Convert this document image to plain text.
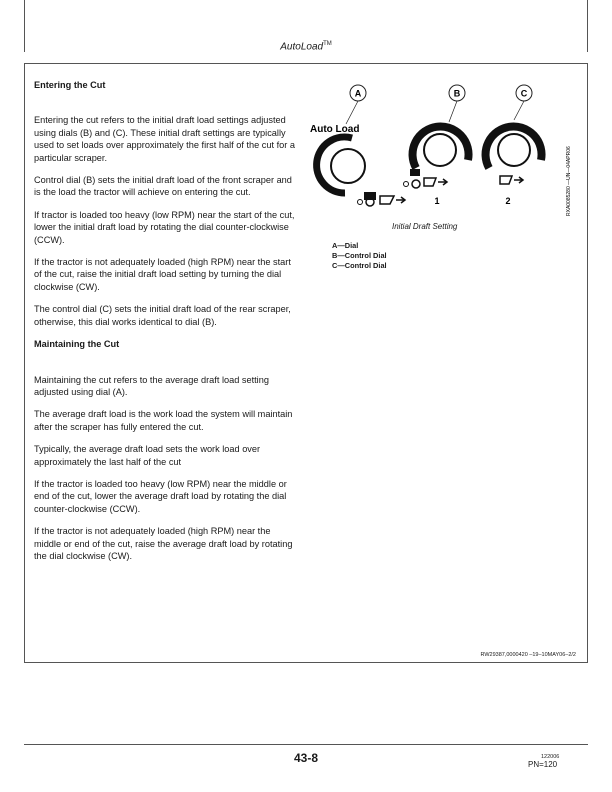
AutoLoad™
Entering the Cut

Entering the cut refers to the initial draft load settings adjusted using dials (B) and (C). These initial draft settings are typically used to set loads over approximately the first half of the cut for a particular scraper.

Control dial (B) sets the initial draft load of the front scraper and is the load the tractor will achieve on entering the cut.

If tractor is loaded too heavy (low RPM) near the start of the cut, lower the initial draft load by rotating the dial counter-clockwise (CCW).

If the tractor is not adequately loaded (high RPM) near the start of the cut, raise the initial draft load setting by turning the dial clockwise (CW).

The control dial (C) sets the initial draft load of the rear scraper, otherwise, this dial works identical to dial (B).

Maintaining the Cut

Maintaining the cut refers to the average draft load setting adjusted using dial (A).

The average draft load is the work load the system will maintain after the scraper has fully entered the cut.

Typically, the average draft load sets the work load over approximately the last half of the cut

If the tractor is loaded too heavy (low RPM) near the middle or end of the cut, lower the average draft load by rotating the dial counter-clockwise (CCW).

If the tractor is not adequately loaded (high RPM) near the middle or end of the cut, raise the average draft load by rotating the dial clockwise (CW).

A	B	C
Auto Load
1	2	RXA0085280 —UN—04APR06
Initial Draft Setting
A—Dial
B—Control Dial
C—Control Dial
RW29387,0000420 –19–10MAY06–2/2
43-8	122006
PN=120
